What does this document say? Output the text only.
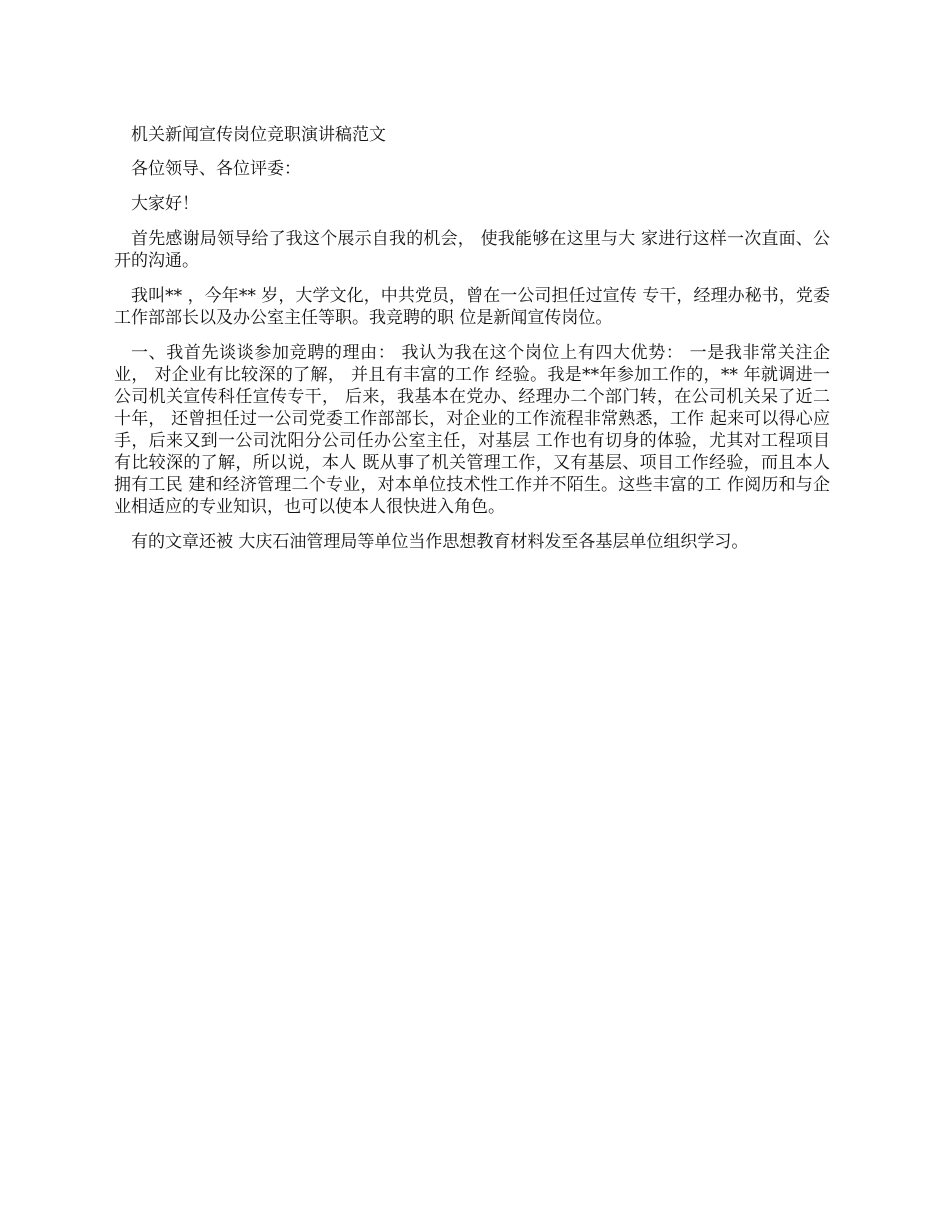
机关新闻宣传岗位竞职演讲稿范文

各位领导、各位评委：

大家好！

首先感谢局领导给了我这个展示自我的机会， 使我能够在这里与大 家进行这样一次直面、公开的沟通。

我叫** ，今年** 岁，大学文化，中共党员，曾在一公司担任过宣传 专干，经理办秘书，党委工作部部长以及办公室主任等职。我竞聘的职 位是新闻宣传岗位。

一、我首先谈谈参加竞聘的理由： 我认为我在这个岗位上有四大优势： 一是我非常关注企业， 对企业有比较深的了解， 并且有丰富的工作 经验。我是**年参加工作的，** 年就调进一公司机关宣传科任宣传专干， 后来，我基本在党办、经理办二个部门转，在公司机关呆了近二十年， 还曾担任过一公司党委工作部部长，对企业的工作流程非常熟悉，工作 起来可以得心应手，后来又到一公司沈阳分公司任办公室主任，对基层 工作也有切身的体验，尤其对工程项目有比较深的了解，所以说，本人 既从事了机关管理工作，又有基层、项目工作经验，而且本人拥有工民 建和经济管理二个专业，对本单位技术性工作并不陌生。这些丰富的工 作阅历和与企业相适应的专业知识，也可以使本人很快进入角色。

有的文章还被 大庆石油管理局等单位当作思想教育材料发至各基层单位组织学习。
